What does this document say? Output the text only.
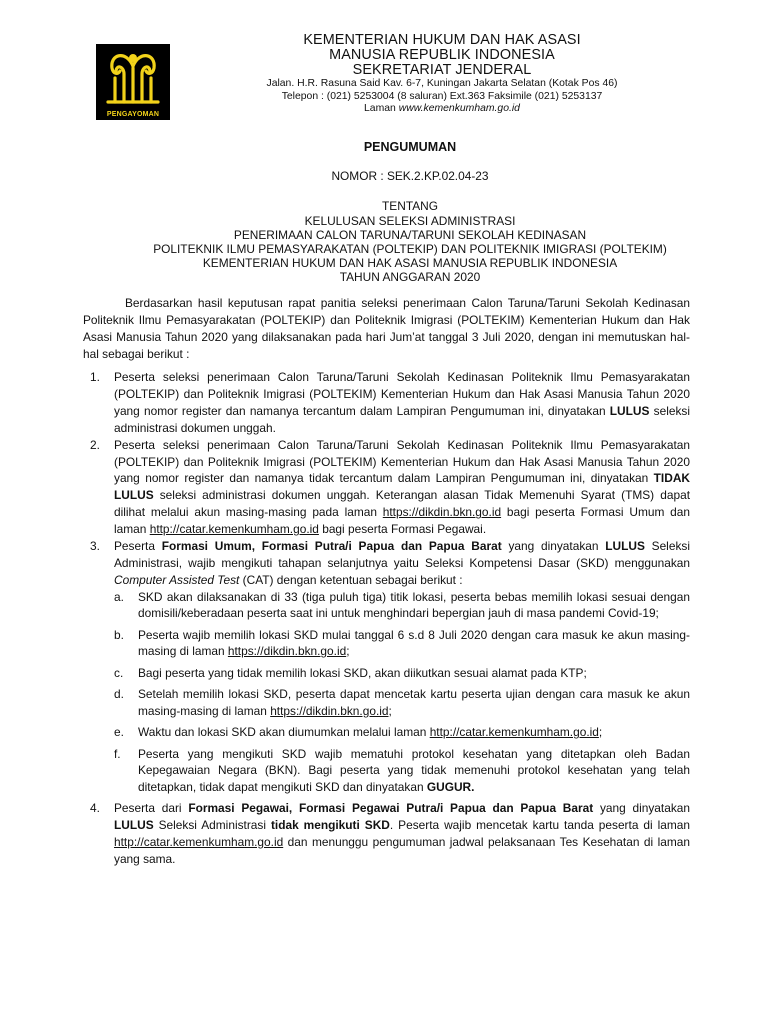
PENGAYOMAN
KEMENTERIAN HUKUM DAN HAK ASASI
MANUSIA REPUBLIK INDONESIA
SEKRETARIAT JENDERAL
Jalan. H.R. Rasuna Said Kav. 6-7, Kuningan Jakarta Selatan (Kotak Pos 46)
Telepon : (021) 5253004 (8 saluran) Ext.363 Faksimile (021) 5253137
Laman www.kemenkumham.go.id
PENGUMUMAN
NOMOR : SEK.2.KP.02.04-23
TENTANG
KELULUSAN SELEKSI ADMINISTRASI
PENERIMAAN CALON TARUNA/TARUNI SEKOLAH KEDINASAN
POLITEKNIK ILMU PEMASYARAKATAN (POLTEKIP) DAN POLITEKNIK IMIGRASI (POLTEKIM)
KEMENTERIAN HUKUM DAN HAK ASASI MANUSIA REPUBLIK INDONESIA
TAHUN ANGGARAN 2020
Berdasarkan hasil keputusan rapat panitia seleksi penerimaan Calon Taruna/Taruni Sekolah Kedinasan Politeknik Ilmu Pemasyarakatan (POLTEKIP) dan Politeknik Imigrasi (POLTEKIM) Kementerian Hukum dan Hak Asasi Manusia Tahun 2020 yang dilaksanakan pada hari Jum’at tanggal 3 Juli 2020, dengan ini memutuskan hal-hal sebagai berikut :
1. Peserta seleksi penerimaan Calon Taruna/Taruni Sekolah Kedinasan Politeknik Ilmu Pemasyarakatan (POLTEKIP) dan Politeknik Imigrasi (POLTEKIM) Kementerian Hukum dan Hak Asasi Manusia Tahun 2020 yang nomor register dan namanya tercantum dalam Lampiran Pengumuman ini, dinyatakan LULUS seleksi administrasi dokumen unggah.
2. Peserta seleksi penerimaan Calon Taruna/Taruni Sekolah Kedinasan Politeknik Ilmu Pemasyarakatan (POLTEKIP) dan Politeknik Imigrasi (POLTEKIM) Kementerian Hukum dan Hak Asasi Manusia Tahun 2020 yang nomor register dan namanya tidak tercantum dalam Lampiran Pengumuman ini, dinyatakan TIDAK LULUS seleksi administrasi dokumen unggah. Keterangan alasan Tidak Memenuhi Syarat (TMS) dapat dilihat melalui akun masing-masing pada laman https://dikdin.bkn.go.id bagi peserta Formasi Umum dan laman http://catar.kemenkumham.go.id bagi peserta Formasi Pegawai.
3. Peserta Formasi Umum, Formasi Putra/i Papua dan Papua Barat yang dinyatakan LULUS Seleksi Administrasi, wajib mengikuti tahapan selanjutnya yaitu Seleksi Kompetensi Dasar (SKD) menggunakan Computer Assisted Test (CAT) dengan ketentuan sebagai berikut :
a. SKD akan dilaksanakan di 33 (tiga puluh tiga) titik lokasi, peserta bebas memilih lokasi sesuai dengan domisili/keberadaan peserta saat ini untuk menghindari bepergian jauh di masa pandemi Covid-19;
b. Peserta wajib memilih lokasi SKD mulai tanggal 6 s.d 8 Juli 2020 dengan cara masuk ke akun masing-masing di laman https://dikdin.bkn.go.id;
c. Bagi peserta yang tidak memilih lokasi SKD, akan diikutkan sesuai alamat pada KTP;
d. Setelah memilih lokasi SKD, peserta dapat mencetak kartu peserta ujian dengan cara masuk ke akun masing-masing di laman https://dikdin.bkn.go.id;
e. Waktu dan lokasi SKD akan diumumkan melalui laman http://catar.kemenkumham.go.id;
f. Peserta yang mengikuti SKD wajib mematuhi protokol kesehatan yang ditetapkan oleh Badan Kepegawaian Negara (BKN). Bagi peserta yang tidak memenuhi protokol kesehatan yang telah ditetapkan, tidak dapat mengikuti SKD dan dinyatakan GUGUR.
4. Peserta dari Formasi Pegawai, Formasi Pegawai Putra/i Papua dan Papua Barat yang dinyatakan LULUS Seleksi Administrasi tidak mengikuti SKD. Peserta wajib mencetak kartu tanda peserta di laman http://catar.kemenkumham.go.id dan menunggu pengumuman jadwal pelaksanaan Tes Kesehatan di laman yang sama.
